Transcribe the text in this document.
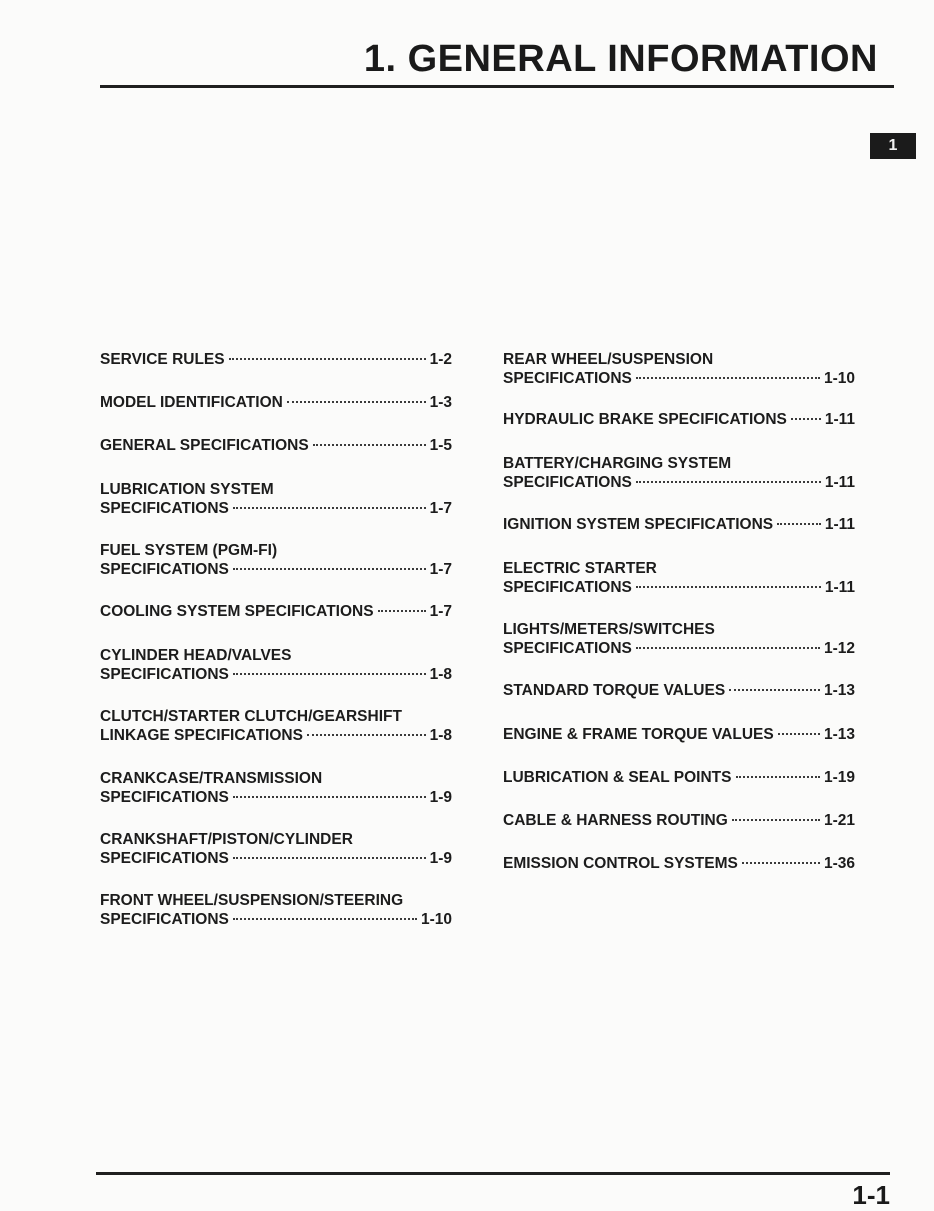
1. GENERAL INFORMATION
1
SERVICE RULES	1-2
MODEL IDENTIFICATION	1-3
GENERAL SPECIFICATIONS	1-5
LUBRICATION SYSTEM
SPECIFICATIONS	1-7
FUEL SYSTEM (PGM-FI)
SPECIFICATIONS	1-7
COOLING SYSTEM SPECIFICATIONS	1-7
CYLINDER HEAD/VALVES
SPECIFICATIONS	1-8
CLUTCH/STARTER CLUTCH/GEARSHIFT
LINKAGE SPECIFICATIONS	1-8
CRANKCASE/TRANSMISSION
SPECIFICATIONS	1-9
CRANKSHAFT/PISTON/CYLINDER
SPECIFICATIONS	1-9
FRONT WHEEL/SUSPENSION/STEERING
SPECIFICATIONS	1-10
REAR WHEEL/SUSPENSION
SPECIFICATIONS	1-10
HYDRAULIC BRAKE SPECIFICATIONS 1-11
BATTERY/CHARGING SYSTEM
SPECIFICATIONS	1-11
IGNITION SYSTEM SPECIFICATIONS	1-11
ELECTRIC STARTER
SPECIFICATIONS	1-11
LIGHTS/METERS/SWITCHES
SPECIFICATIONS	1-12
STANDARD TORQUE VALUES	1-13
ENGINE & FRAME TORQUE VALUES	1-13
LUBRICATION & SEAL POINTS	1-19
CABLE & HARNESS ROUTING	1-21
EMISSION CONTROL SYSTEMS	1-36
1-1
